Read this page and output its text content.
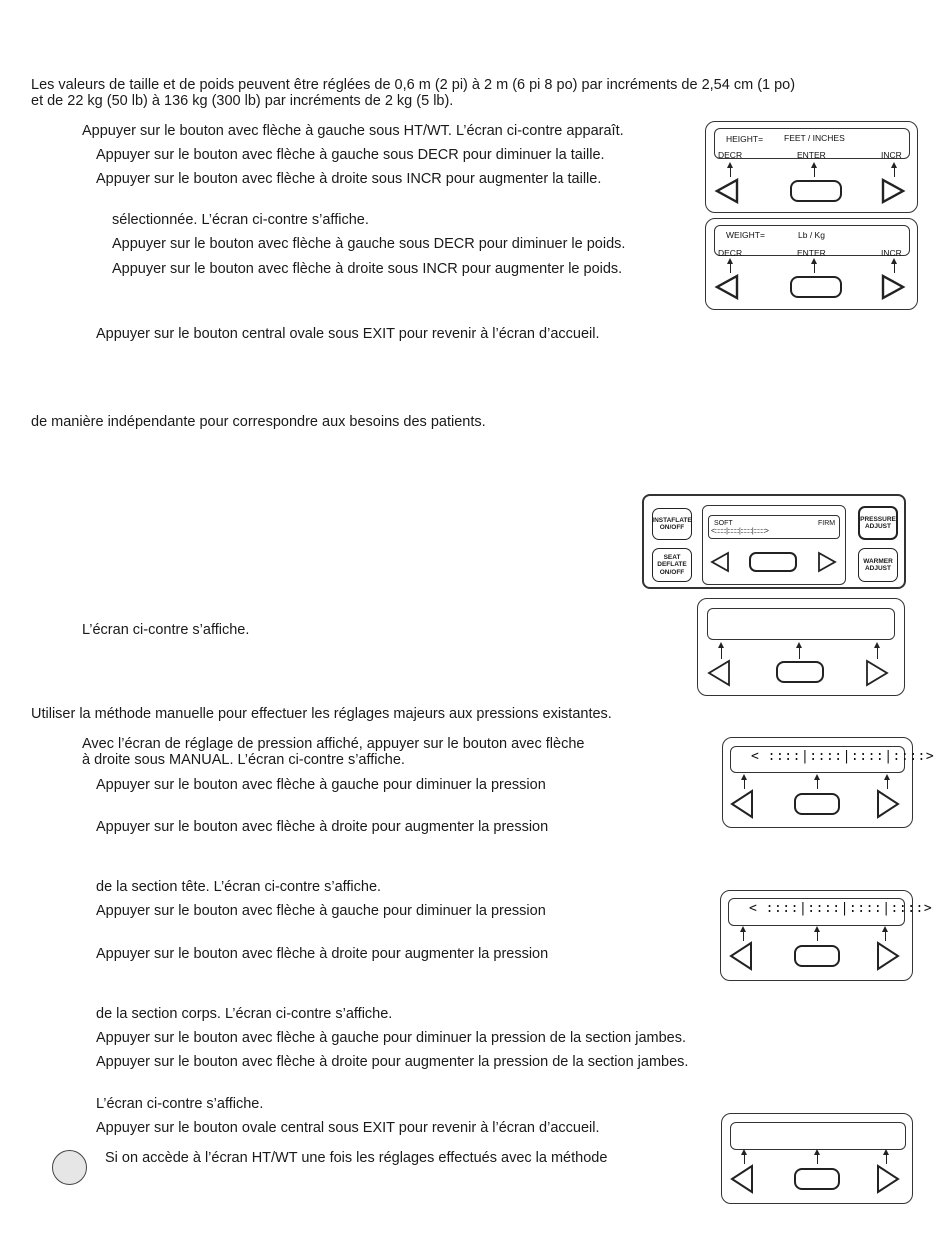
Les valeurs de taille et de poids peuvent être réglées de 0,6 m (2 pi) à 2 m (6 pi 8 po) par incréments de 2,54 cm (1 po)
et de 22 kg (50 lb) à 136 kg (300 lb) par incréments de 2 kg (5 lb).
Appuyer sur le bouton avec flèche à gauche sous HT/WT. L’écran ci-contre apparaît.
Appuyer sur le bouton avec flèche à gauche sous DECR pour diminuer la taille.
Appuyer sur le bouton avec flèche à droite sous INCR pour augmenter la taille.
sélectionnée. L’écran ci-contre s’affiche.
Appuyer sur le bouton avec flèche à gauche sous DECR pour diminuer le poids.
Appuyer sur le bouton avec flèche à droite sous INCR pour augmenter le poids.
Appuyer sur le bouton central ovale sous EXIT pour revenir à l’écran d’accueil.
de manière indépendante pour correspondre aux besoins des patients.
L’écran ci-contre s’affiche.
Utiliser la méthode manuelle pour effectuer les réglages majeurs aux pressions existantes.
Avec l’écran de réglage de pression affiché, appuyer sur le bouton avec flèche
à droite sous MANUAL. L’écran ci-contre s’affiche.
Appuyer sur le bouton avec flèche à gauche pour diminuer la pression
Appuyer sur le bouton avec flèche à droite pour augmenter la pression
de la section tête. L’écran ci-contre s’affiche.
Appuyer sur le bouton avec flèche à gauche pour diminuer la pression
Appuyer sur le bouton avec flèche à droite pour augmenter la pression
de la section corps. L’écran ci-contre s’affiche.
Appuyer sur le bouton avec flèche à gauche pour diminuer la pression de la section jambes.
Appuyer sur le bouton avec flèche à droite pour augmenter la pression de la section jambes.
L’écran ci-contre s’affiche.
Appuyer sur le bouton ovale central sous EXIT pour revenir à l’écran d’accueil.
Si on accède à l’écran HT/WT une fois les réglages effectués avec la méthode
HEIGHT= FEET / INCHES
DECR	ENTER	INCR
WEIGHT=	Lb / Kg
DECR	ENTER	INCR
INSTAFLATE ON/OFF
SEAT DEFLATE ON/OFF
SOFT	FIRM
<::::::::|::::::::|::::::::|::::::::>
PRESSURE ADJUST
WARMER ADJUST
< ::::|::::|::::|::::>
< ::::|::::|::::|::::>
